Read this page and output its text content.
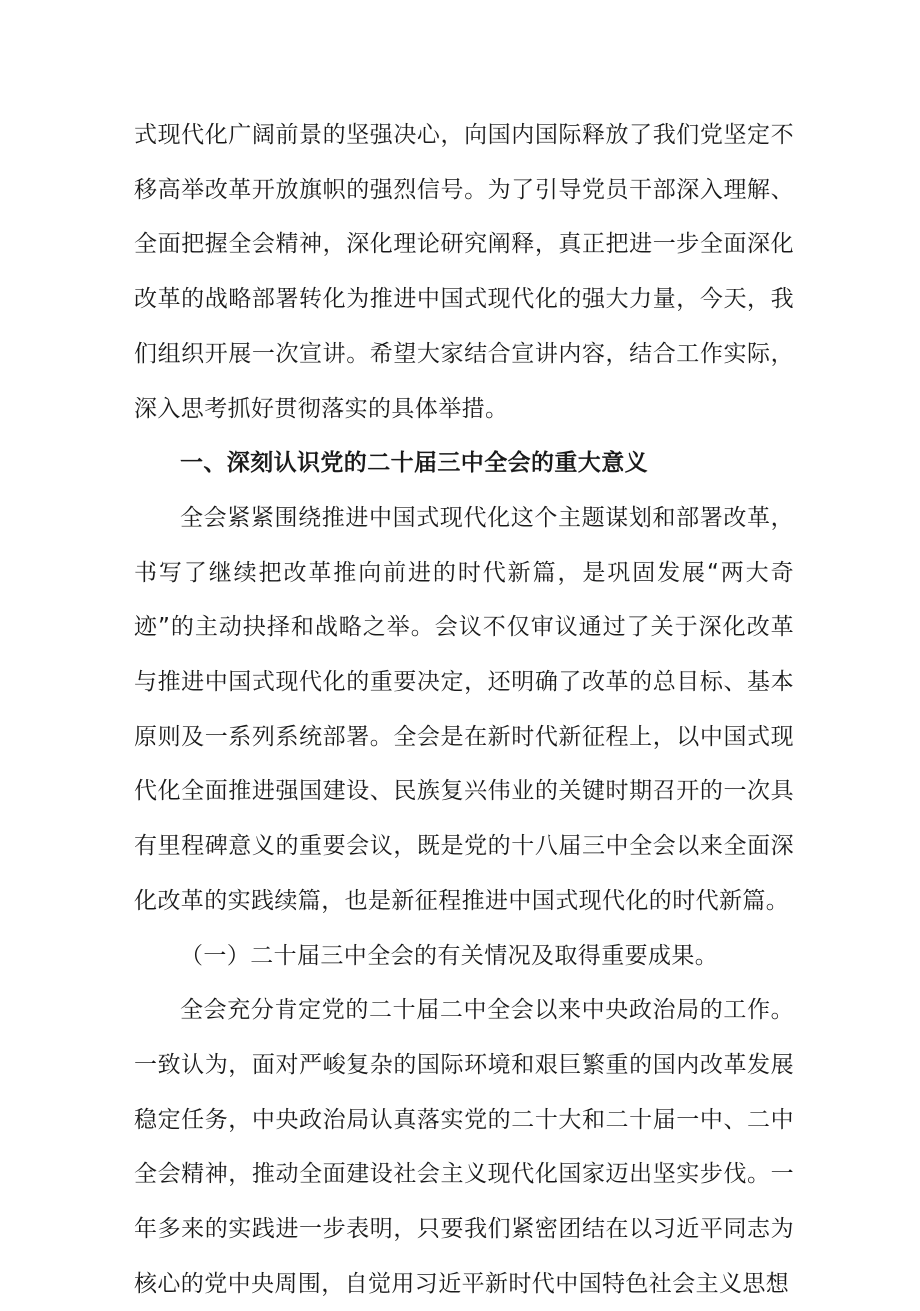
式现代化广阔前景的坚强决心，向国内国际释放了我们党坚定不移高举改革开放旗帜的强烈信号。为了引导党员干部深入理解、全面把握全会精神，深化理论研究阐释，真正把进一步全面深化改革的战略部署转化为推进中国式现代化的强大力量，今天，我们组织开展一次宣讲。希望大家结合宣讲内容，结合工作实际，深入思考抓好贯彻落实的具体举措。

一、深刻认识党的二十届三中全会的重大意义

全会紧紧围绕推进中国式现代化这个主题谋划和部署改革，书写了继续把改革推向前进的时代新篇，是巩固发展“两大奇迹”的主动抉择和战略之举。会议不仅审议通过了关于深化改革与推进中国式现代化的重要决定，还明确了改革的总目标、基本原则及一系列系统部署。全会是在新时代新征程上，以中国式现代化全面推进强国建设、民族复兴伟业的关键时期召开的一次具有里程碑意义的重要会议，既是党的十八届三中全会以来全面深化改革的实践续篇，也是新征程推进中国式现代化的时代新篇。

（一）二十届三中全会的有关情况及取得重要成果。

全会充分肯定党的二十届二中全会以来中央政治局的工作。一致认为，面对严峻复杂的国际环境和艰巨繁重的国内改革发展稳定任务，中央政治局认真落实党的二十大和二十届一中、二中全会精神，推动全面建设社会主义现代化国家迈出坚实步伐。一年多来的实践进一步表明，只要我们紧密团结在以习近平同志为核心的党中央周围，自觉用习近平新时代中国特色社会主义思想
